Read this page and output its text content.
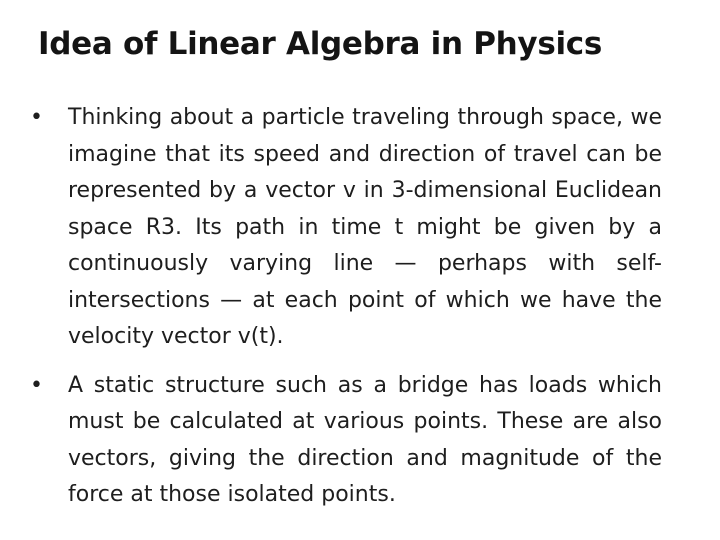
Idea of Linear Algebra in Physics
• Thinking about a particle traveling through space, we imagine that its speed and direction of travel can be represented by a vector v in 3-dimensional Euclidean space R3. Its path in time t might be given by a continuously varying line — perhaps with self-intersections — at each point of which we have the velocity vector v(t).
• A static structure such as a bridge has loads which must be calculated at various points. These are also vectors, giving the direction and magnitude of the force at those isolated points.
